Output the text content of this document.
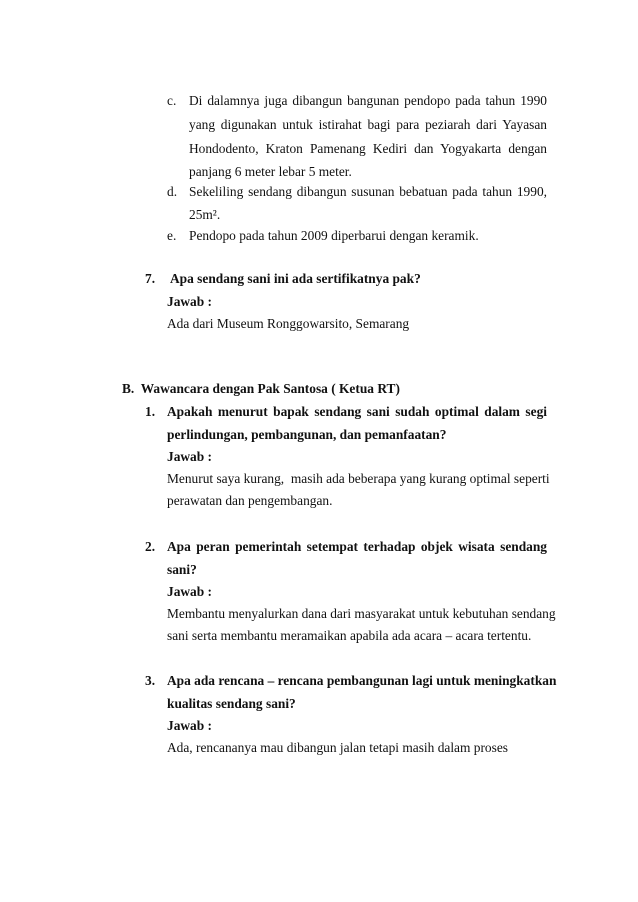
c. Di dalamnya juga dibangun bangunan pendopo pada tahun 1990
yang digunakan untuk istirahat bagi para peziarah dari Yayasan
Hondodento, Kraton Pamenang Kediri dan Yogyakarta dengan
panjang 6 meter lebar 5 meter.
d. Sekeliling sendang dibangun susunan bebatuan pada tahun 1990,
25m².
e. Pendopo pada tahun 2009 diperbarui dengan keramik.
7. Apa sendang sani ini ada sertifikatnya pak?
Jawab :
Ada dari Museum Ronggowarsito, Semarang
B.  Wawancara dengan Pak Santosa ( Ketua RT)
1. Apakah menurut bapak sendang sani sudah optimal dalam segi
perlindungan, pembangunan, dan pemanfaatan?
Jawab :
Menurut saya kurang,  masih ada beberapa yang kurang optimal seperti
perawatan dan pengembangan.
2. Apa peran pemerintah setempat terhadap objek wisata sendang
sani?
Jawab :
Membantu menyalurkan dana dari masyarakat untuk kebutuhan sendang
sani serta membantu meramaikan apabila ada acara – acara tertentu.
3. Apa ada rencana – rencana pembangunan lagi untuk meningkatkan
kualitas sendang sani?
Jawab :
Ada, rencananya mau dibangun jalan tetapi masih dalam proses
